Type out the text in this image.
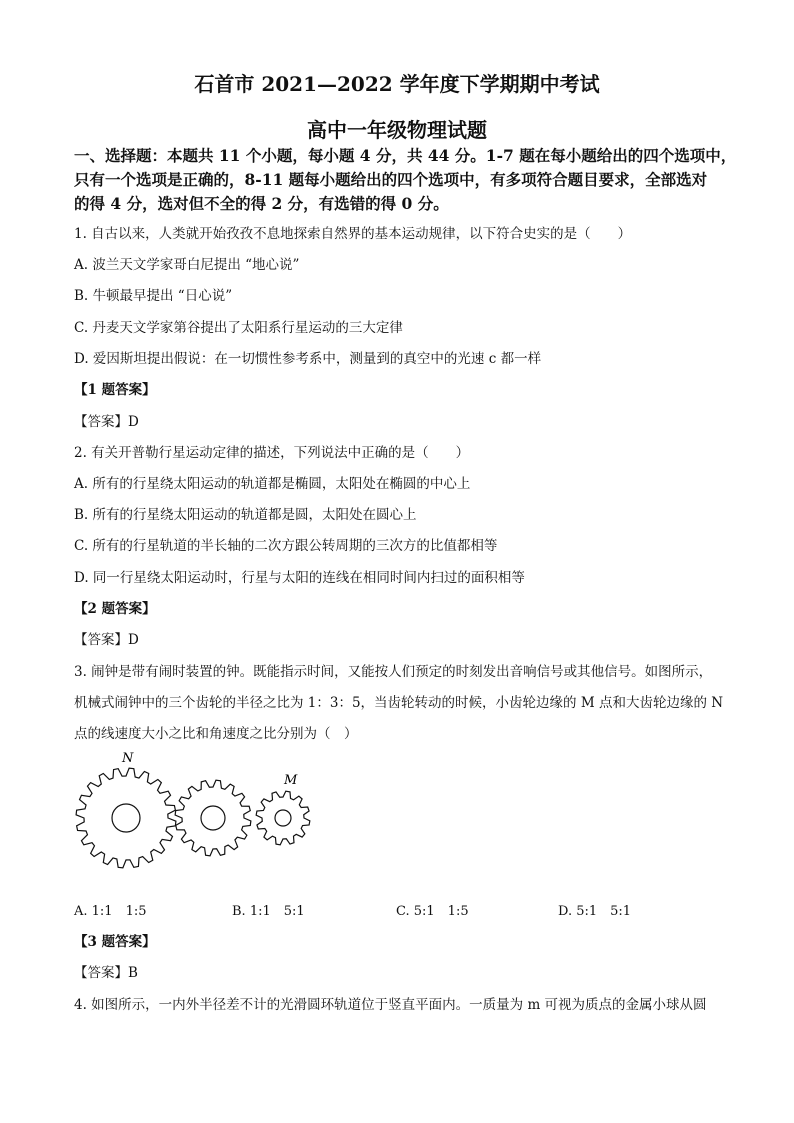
石首市 2021—2022 学年度下学期期中考试
高中一年级物理试题
一、选择题：本题共 11 个小题，每小题 4 分，共 44 分。1-7 题在每小题给出的四个选项中，
只有一个选项是正确的，8-11 题每小题给出的四个选项中，有多项符合题目要求，全部选对
的得 4 分，选对但不全的得 2 分，有选错的得 0 分。
1. 自古以来，人类就开始孜孜不息地探索自然界的基本运动规律，以下符合史实的是（　　）
A. 波兰天文学家哥白尼提出 “地心说”
B. 牛顿最早提出 “日心说”
C. 丹麦天文学家第谷提出了太阳系行星运动的三大定律
D. 爱因斯坦提出假说：在一切惯性参考系中，测量到的真空中的光速 c 都一样
【1 题答案】
【答案】D
2. 有关开普勒行星运动定律的描述，下列说法中正确的是（　　）
A. 所有的行星绕太阳运动的轨道都是椭圆，太阳处在椭圆的中心上
B. 所有的行星绕太阳运动的轨道都是圆，太阳处在圆心上
C. 所有的行星轨道的半长轴的二次方跟公转周期的三次方的比值都相等
D. 同一行星绕太阳运动时，行星与太阳的连线在相同时间内扫过的面积相等
【2 题答案】
【答案】D
3. 闹钟是带有闹时装置的钟。既能指示时间，又能按人们预定的时刻发出音响信号或其他信号。如图所示，
机械式闹钟中的三个齿轮的半径之比为 1：3：5，当齿轮转动的时候，小齿轮边缘的 M 点和大齿轮边缘的 N
点的线速度大小之比和角速度之比分别为（　）
N
M
A. 1:1　1:5	B. 1:1　5:1	C. 5:1　1:5	D. 5:1　5:1
【3 题答案】
【答案】B
4. 如图所示，一内外半径差不计的光滑圆环轨道位于竖直平面内。一质量为 m 可视为质点的金属小球从圆
